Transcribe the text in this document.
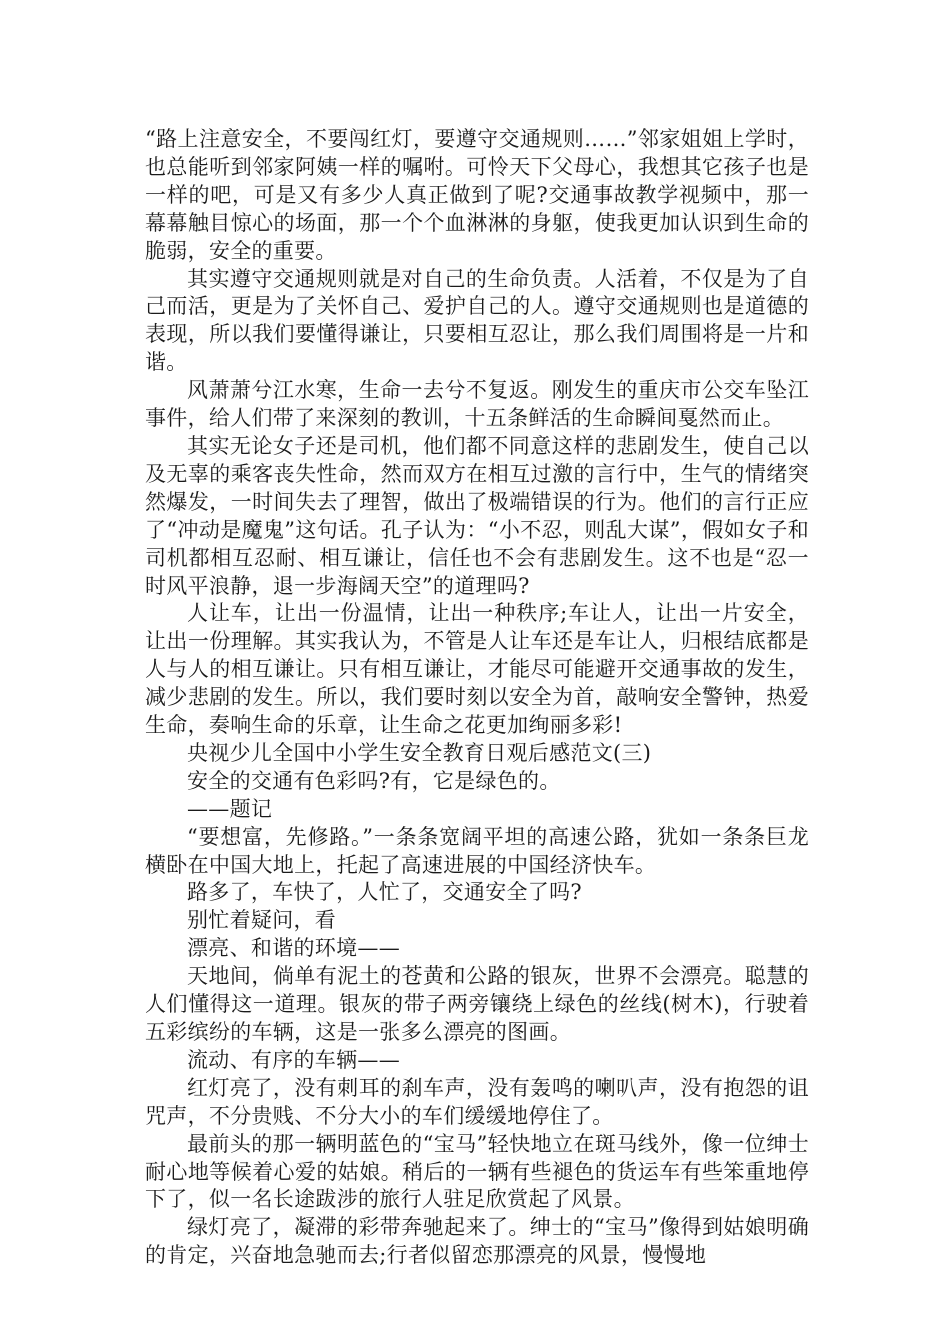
“路上注意安全，不要闯红灯，要遵守交通规则……”邻家姐姐上学时，也总能听到邻家阿姨一样的嘱咐。可怜天下父母心，我想其它孩子也是一样的吧，可是又有多少人真正做到了呢?交通事故教学视频中，那一幕幕触目惊心的场面，那一个个血淋淋的身躯，使我更加认识到生命的脆弱，安全的重要。

其实遵守交通规则就是对自己的生命负责。人活着，不仅是为了自己而活，更是为了关怀自己、爱护自己的人。遵守交通规则也是道德的表现，所以我们要懂得谦让，只要相互忍让，那么我们周围将是一片和谐。

风萧萧兮江水寒，生命一去兮不复返。刚发生的重庆市公交车坠江事件，给人们带了来深刻的教训，十五条鲜活的生命瞬间戛然而止。

其实无论女子还是司机，他们都不同意这样的悲剧发生，使自己以及无辜的乘客丧失性命，然而双方在相互过激的言行中，生气的情绪突然爆发，一时间失去了理智，做出了极端错误的行为。他们的言行正应了“冲动是魔鬼”这句话。孔子认为：“小不忍，则乱大谋”，假如女子和司机都相互忍耐、相互谦让，信任也不会有悲剧发生。这不也是“忍一时风平浪静，退一步海阔天空”的道理吗?

人让车，让出一份温情，让出一种秩序;车让人，让出一片安全，让出一份理解。其实我认为，不管是人让车还是车让人，归根结底都是人与人的相互谦让。只有相互谦让，才能尽可能避开交通事故的发生，减少悲剧的发生。所以，我们要时刻以安全为首，敲响安全警钟，热爱生命，奏响生命的乐章，让生命之花更加绚丽多彩!

央视少儿全国中小学生安全教育日观后感范文(三)

安全的交通有色彩吗?有，它是绿色的。

——题记

“要想富，先修路。”一条条宽阔平坦的高速公路，犹如一条条巨龙横卧在中国大地上，托起了高速进展的中国经济快车。

路多了，车快了，人忙了，交通安全了吗?

别忙着疑问，看

漂亮、和谐的环境——

天地间，倘单有泥土的苍黄和公路的银灰，世界不会漂亮。聪慧的人们懂得这一道理。银灰的带子两旁镶绕上绿色的丝线(树木)，行驶着五彩缤纷的车辆，这是一张多么漂亮的图画。

流动、有序的车辆——

红灯亮了，没有刺耳的刹车声，没有轰鸣的喇叭声，没有抱怨的诅咒声，不分贵贱、不分大小的车们缓缓地停住了。

最前头的那一辆明蓝色的“宝马”轻快地立在斑马线外，像一位绅士耐心地等候着心爱的姑娘。稍后的一辆有些褪色的货运车有些笨重地停下了，似一名长途跋涉的旅行人驻足欣赏起了风景。

绿灯亮了，凝滞的彩带奔驰起来了。绅士的“宝马”像得到姑娘明确的肯定，兴奋地急驰而去;行者似留恋那漂亮的风景，慢慢地
